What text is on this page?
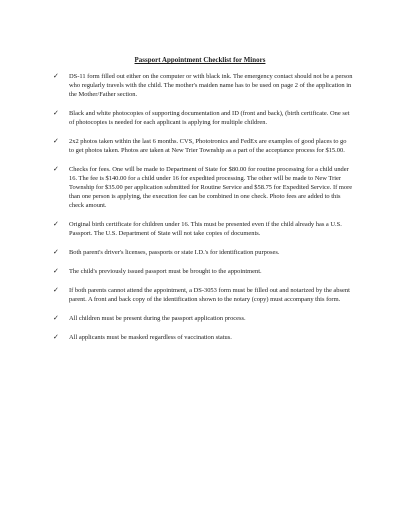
Passport Appointment Checklist for Minors
✓	DS-11 form filled out either on the computer or with black ink. The emergency contact should not be a person who regularly travels with the child. The mother's maiden name has to be used on page 2 of the application in the Mother/Father section.
✓	Black and white photocopies of supporting documentation and ID (front and back), (birth certificate. One set of photocopies is needed for each applicant is applying for multiple children.
✓	2x2 photos taken within the last 6 months. CVS, Phototronics and FedEx are examples of good places to go to get photos taken. Photos are taken at New Trier Township as a part of the acceptance process for $15.00.
✓	Checks for fees. One will be made to Department of State for $80.00 for routine processing for a child under 16. The fee is $140.00 for a child under 16 for expedited processing. The other will be made to New Trier Township for $35.00 per application submitted for Routine Service and $58.75 for Expedited Service. If more than one person is applying, the execution fee can be combined in one check. Photo fees are added to this check amount.
✓	Original birth certificate for children under 16. This must be presented even if the child already has a U.S. Passport. The U.S. Department of State will not take copies of documents.
✓	Both parent's driver's licenses, passports or state I.D.'s for identification purposes.
✓	The child's previously issued passport must be brought to the appointment.
✓	If both parents cannot attend the appointment, a DS-3053 form must be filled out and notarized by the absent parent. A front and back copy of the identification shown to the notary (copy) must accompany this form.
✓	All children must be present during the passport application process.
✓	All applicants must be masked regardless of vaccination status.
